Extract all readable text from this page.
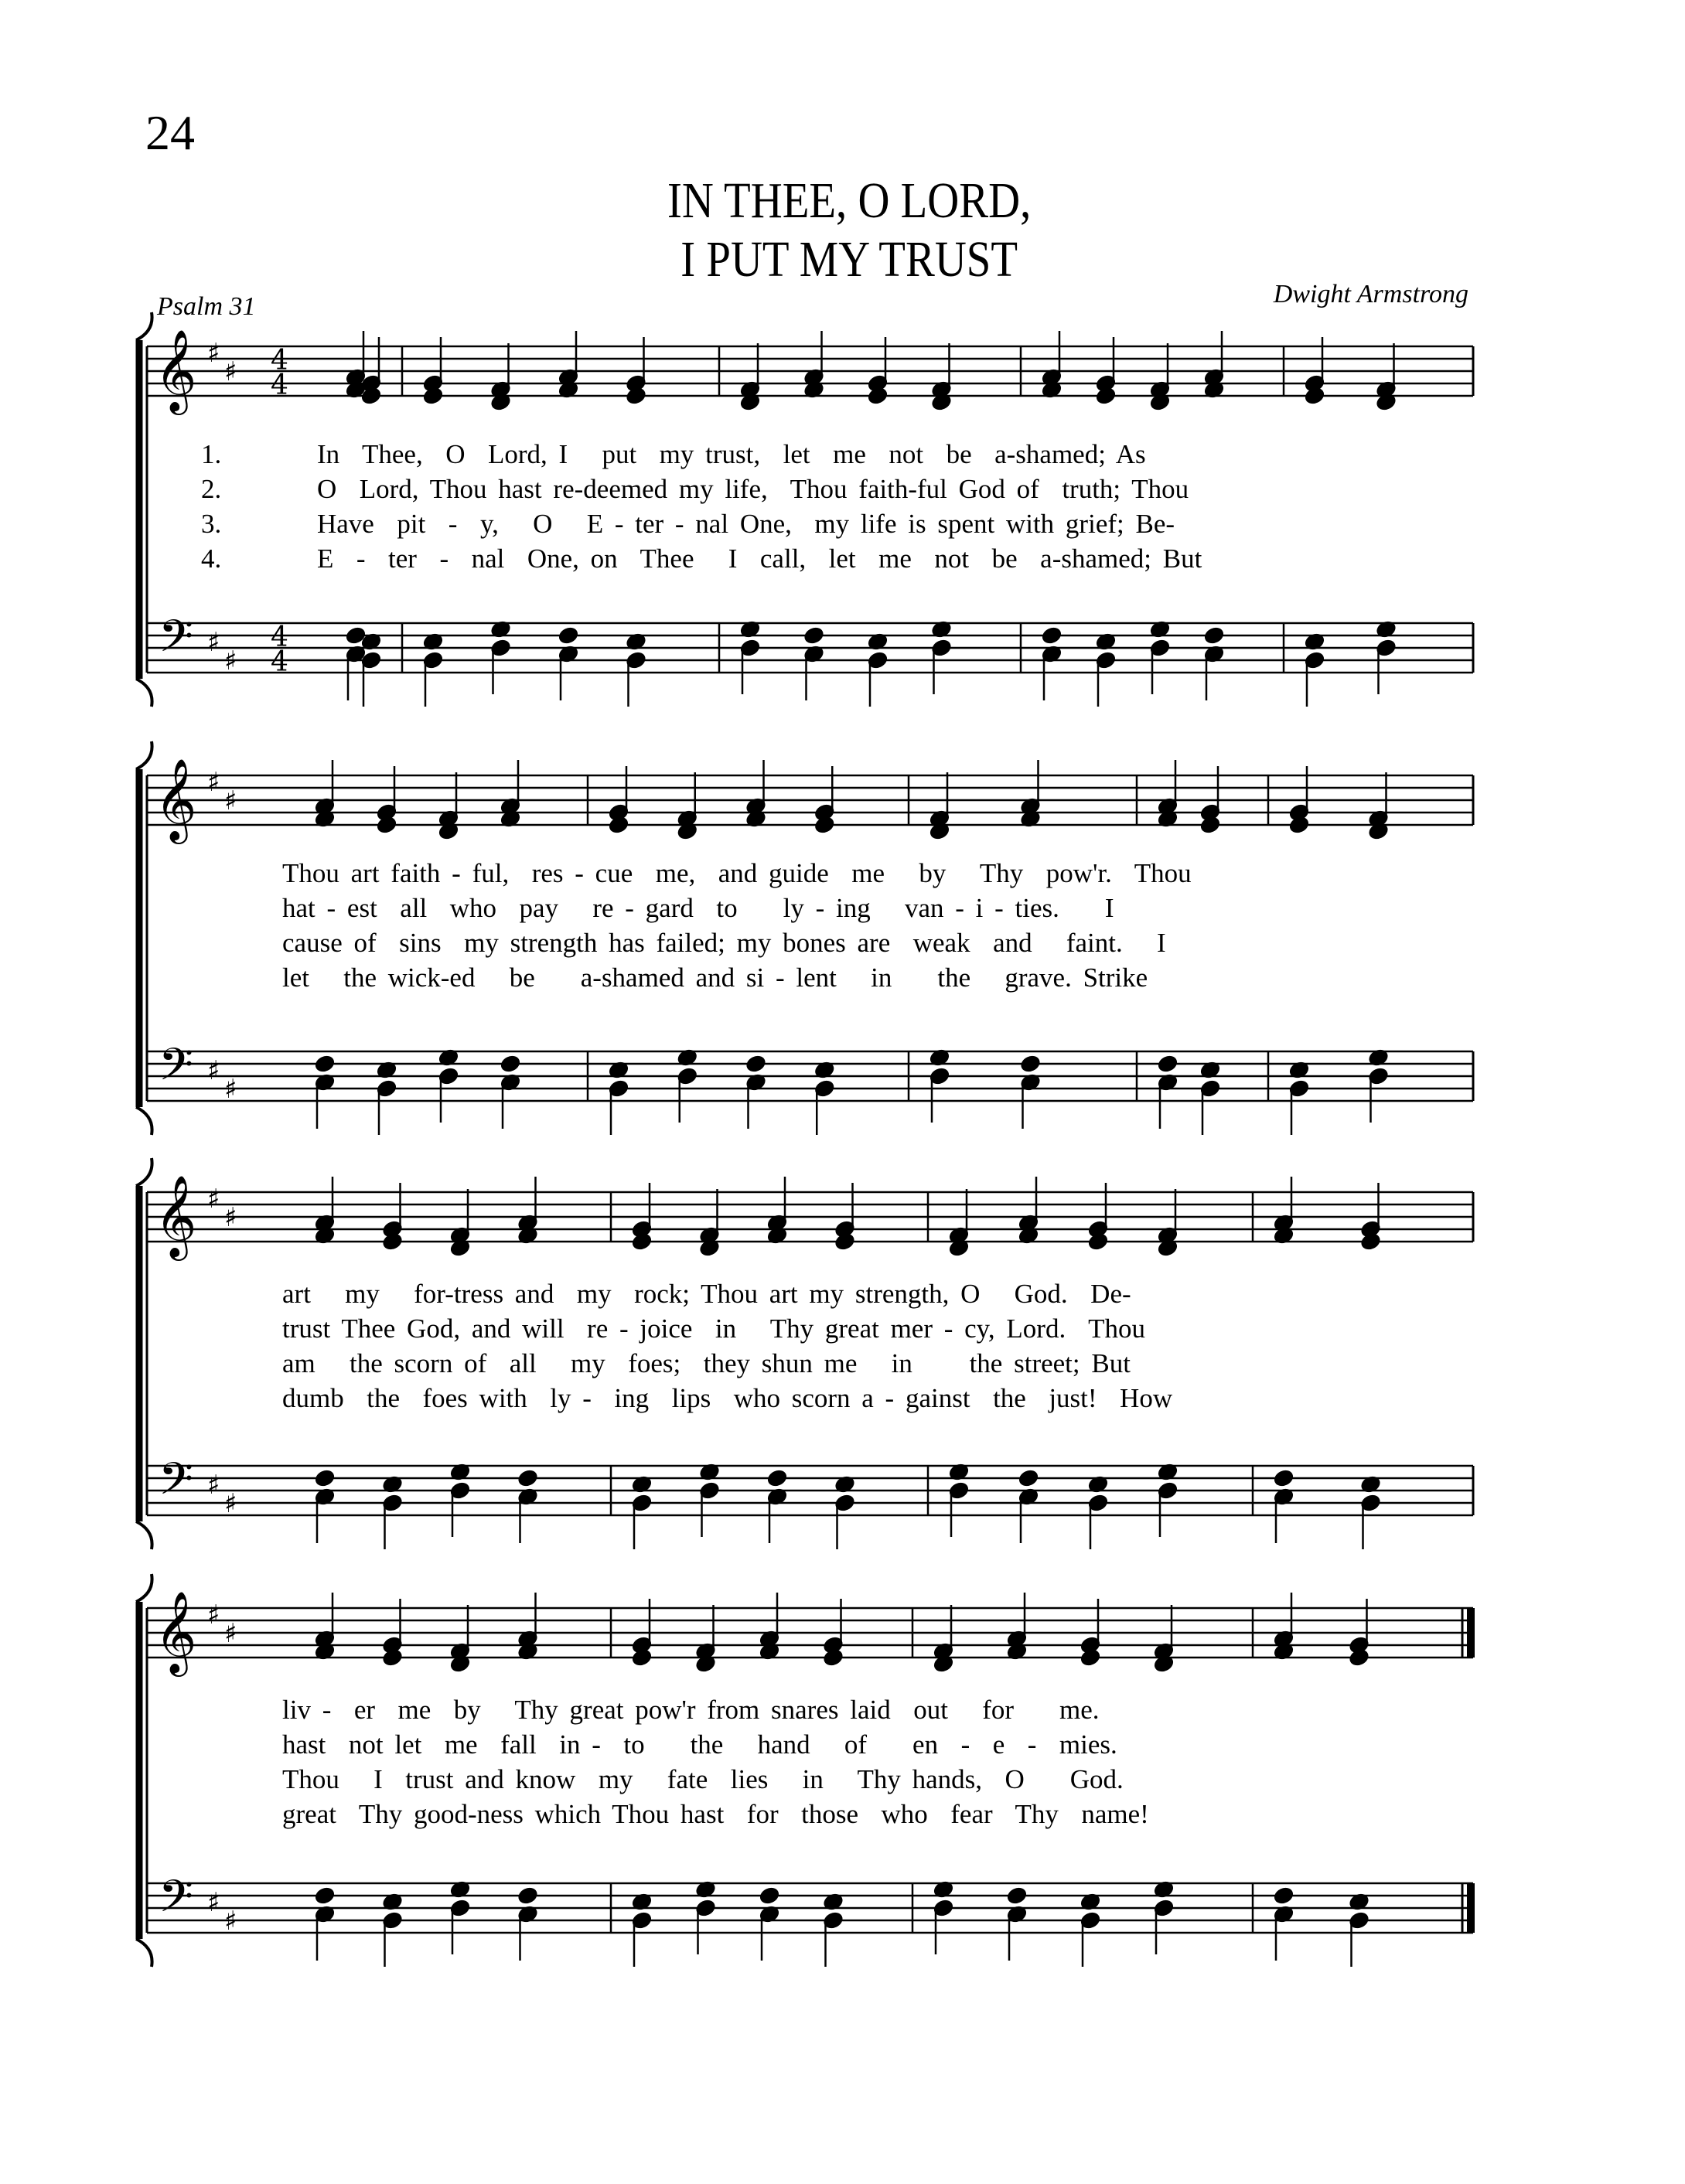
24
IN THEE, O LORD,
I PUT MY TRUST
Psalm 31	Dwight Armstrong
𝄞
𝄢
♯
♯
♯
♯
4
4
4
4
1.	In  Thee,  O  Lord, I   put  my trust,  let  me  not  be  a-shamed; As
2.	O  Lord, Thou hast re-deemed my life,  Thou faith-ful God of  truth; Thou
3.	Have  pit  -  y,   O   E - ter - nal One,  my life is spent with grief; Be-
4.	E  -  ter  -  nal  One, on  Thee   I  call,  let  me  not  be  a-shamed; But
𝄞
𝄢
♯
♯
♯
♯
Thou art faith - ful,  res - cue  me,  and guide  me   by   Thy  pow'r.  Thou
hat - est  all  who  pay   re - gard  to    ly - ing   van - i - ties.    I
cause of  sins  my strength has failed; my bones are  weak  and   faint.   I
let   the wick-ed   be    a-shamed and si - lent   in    the   grave. Strike
𝄞
𝄢
♯
♯
♯
♯
art   my   for-tress and  my  rock; Thou art my strength, O   God.  De-
trust Thee God, and will  re - joice  in   Thy great mer - cy, Lord.  Thou
am   the scorn of  all   my  foes;  they shun me   in     the street; But
dumb  the  foes with  ly -  ing  lips  who scorn a - gainst  the  just!  How
𝄞
𝄢
♯
♯
♯
♯
liv -  er  me  by   Thy great pow'r from snares laid  out   for    me.
hast  not let  me  fall  in -  to    the   hand   of    en  -  e  -  mies.
Thou   I  trust and know  my   fate  lies   in   Thy hands,  O    God.
great  Thy good-ness which Thou hast  for  those  who  fear  Thy  name!
